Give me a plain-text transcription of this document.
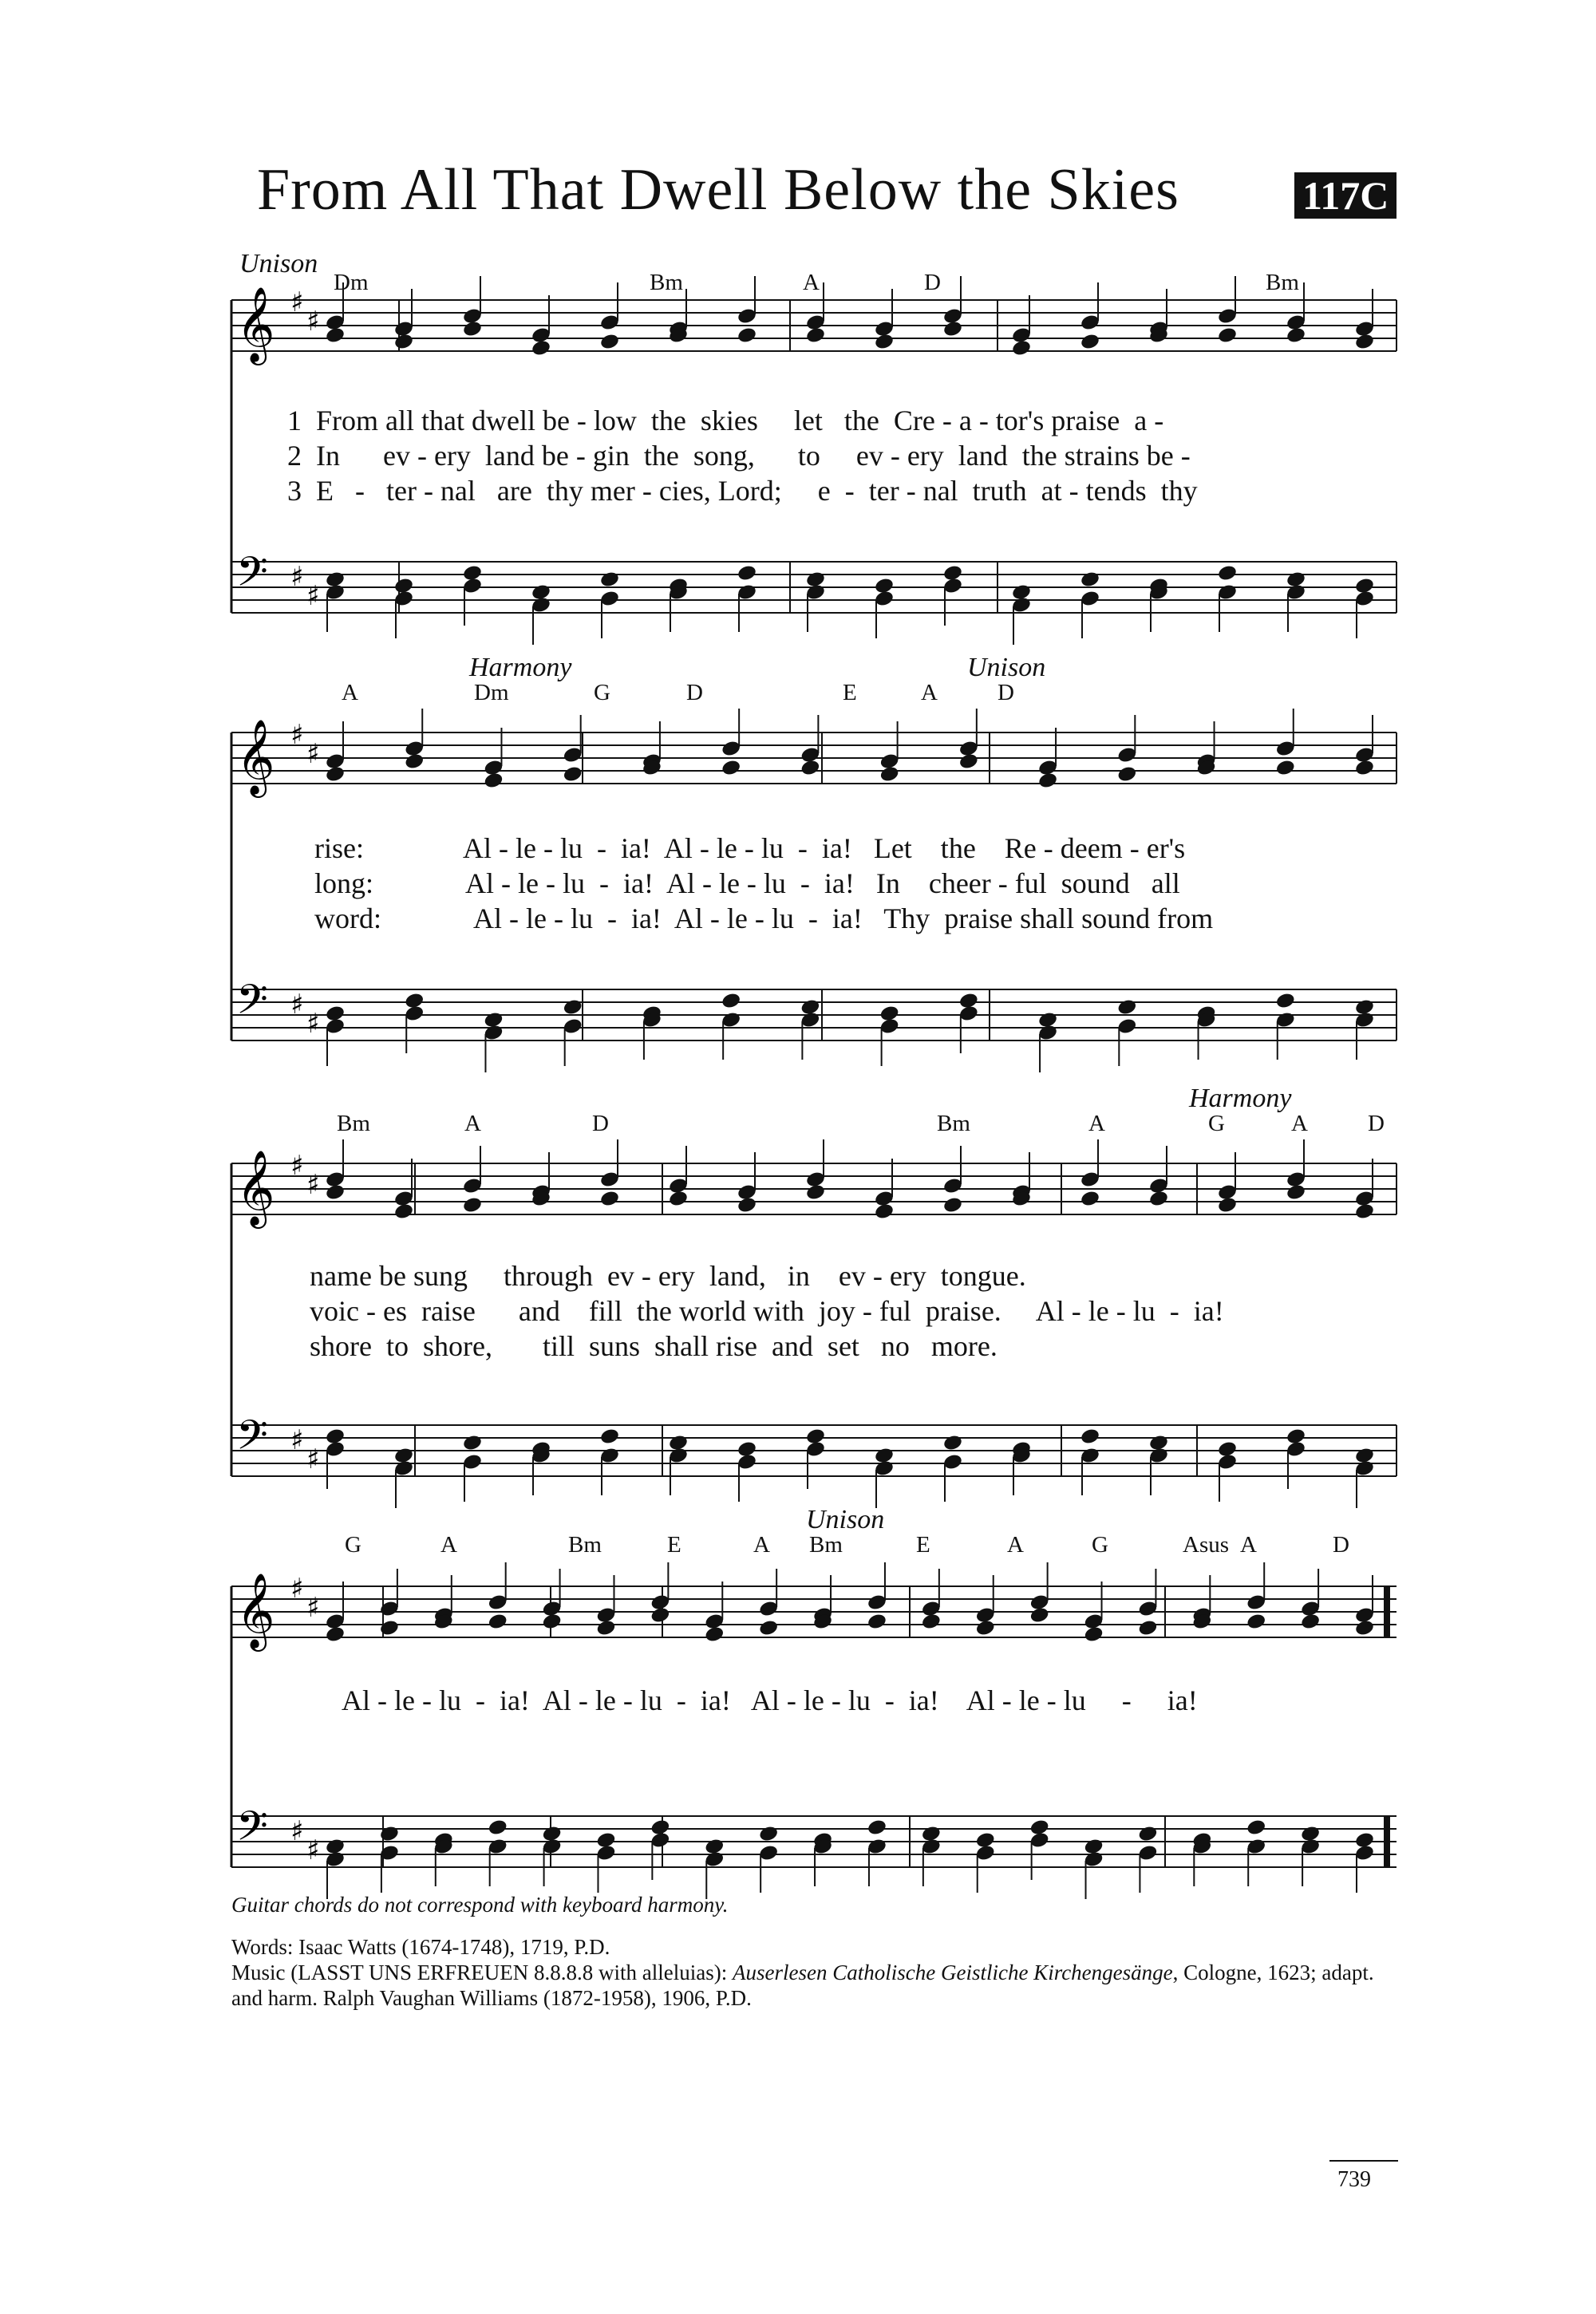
From All That Dwell Below the Skies	117C
Unison
Dm	Bm	A	D	Bm
𝄞 ♯
♯
𝄢 ♯
♯
1  From all that dwell be - low  the  skies     let   the  Cre - a - tor's praise  a -
2  In      ev - ery  land be - gin  the  song,      to     ev - ery  land  the strains be -
3  E   -   ter - nal   are  thy mer - cies, Lord;     e  -  ter - nal  truth  at - tends  thy
Harmony	Unison
A	Dm	G	D	E	A	D
𝄞 ♯
♯
𝄢 ♯
♯
rise:              Al - le - lu  -  ia!  Al - le - lu  -  ia!   Let    the    Re - deem - er's
long:             Al - le - lu  -  ia!  Al - le - lu  -  ia!   In    cheer - ful  sound   all
word:             Al - le - lu  -  ia!  Al - le - lu  -  ia!   Thy  praise shall sound from
Harmony
Bm	A	D	Bm	A	G	A	D
𝄞 ♯
♯
𝄢 ♯
♯
name be sung     through  ev - ery  land,   in    ev - ery  tongue.
voic - es  raise      and    fill  the world with  joy - ful  praise.     Al - le - lu  -  ia!
shore  to  shore,       till  suns  shall rise  and  set   no   more.
Unison
G	A	Bm	E	A Bm	E	A	G	Asus A	D
𝄞 ♯
♯
𝄢 ♯
♯
Al - le - lu  -  ia!  Al - le - lu  -  ia!   Al - le - lu  -  ia!    Al - le - lu     -     ia!
Guitar chords do not correspond with keyboard harmony.
Words: Isaac Watts (1674-1748), 1719, P.D.
Music (LASST UNS ERFREUEN 8.8.8.8 with alleluias): Auserlesen Catholische Geistliche Kirchengesänge, Cologne, 1623; adapt. and harm. Ralph Vaughan Williams (1872-1958), 1906, P.D.
739
